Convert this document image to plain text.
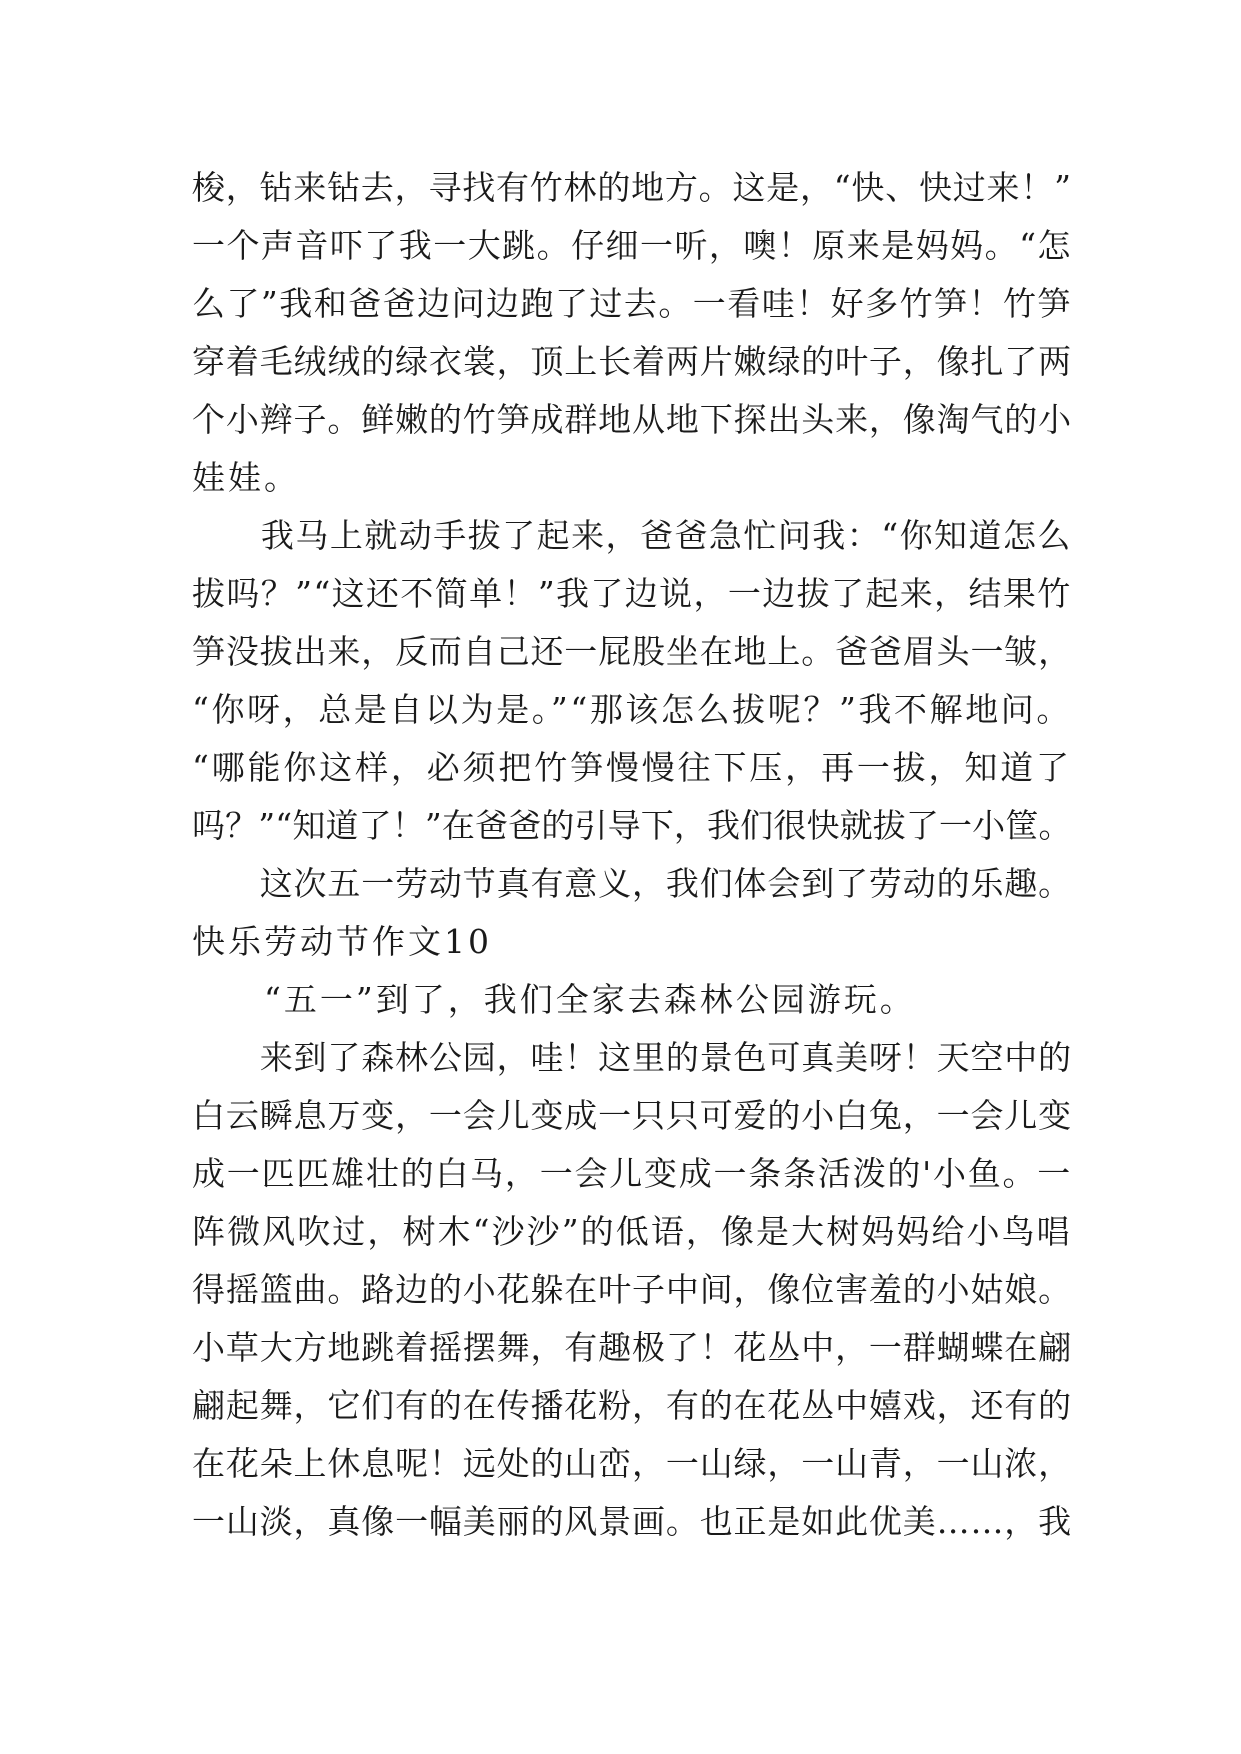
梭，钻来钻去，寻找有竹林的地方。这是，“快、快过来！”
一个声音吓了我一大跳。仔细一听，噢！原来是妈妈。“怎
么了”我和爸爸边问边跑了过去。一看哇！好多竹笋！竹笋
穿着毛绒绒的绿衣裳，顶上长着两片嫩绿的叶子，像扎了两
个小辫子。鲜嫩的竹笋成群地从地下探出头来，像淘气的小
娃娃。
　　我马上就动手拔了起来，爸爸急忙问我：“你知道怎么
拔吗？”“这还不简单！”我了边说，一边拔了起来，结果竹
笋没拔出来，反而自己还一屁股坐在地上。爸爸眉头一皱，
“你呀，总是自以为是。”“那该怎么拔呢？”我不解地问。
“哪能你这样，必须把竹笋慢慢往下压，再一拔，知道了
吗？”“知道了！”在爸爸的引导下，我们很快就拔了一小筐。
　　这次五一劳动节真有意义，我们体会到了劳动的乐趣。
快乐劳动节作文10
　　“五一”到了，我们全家去森林公园游玩。
　　来到了森林公园，哇！这里的景色可真美呀！天空中的
白云瞬息万变，一会儿变成一只只可爱的小白兔，一会儿变
成一匹匹雄壮的白马，一会儿变成一条条活泼的'小鱼。一
阵微风吹过，树木“沙沙”的低语，像是大树妈妈给小鸟唱
得摇篮曲。路边的小花躲在叶子中间，像位害羞的小姑娘。
小草大方地跳着摇摆舞，有趣极了！花丛中，一群蝴蝶在翩
翩起舞，它们有的在传播花粉，有的在花丛中嬉戏，还有的
在花朵上休息呢！远处的山峦，一山绿，一山青，一山浓，
一山淡，真像一幅美丽的风景画。也正是如此优美……，我
